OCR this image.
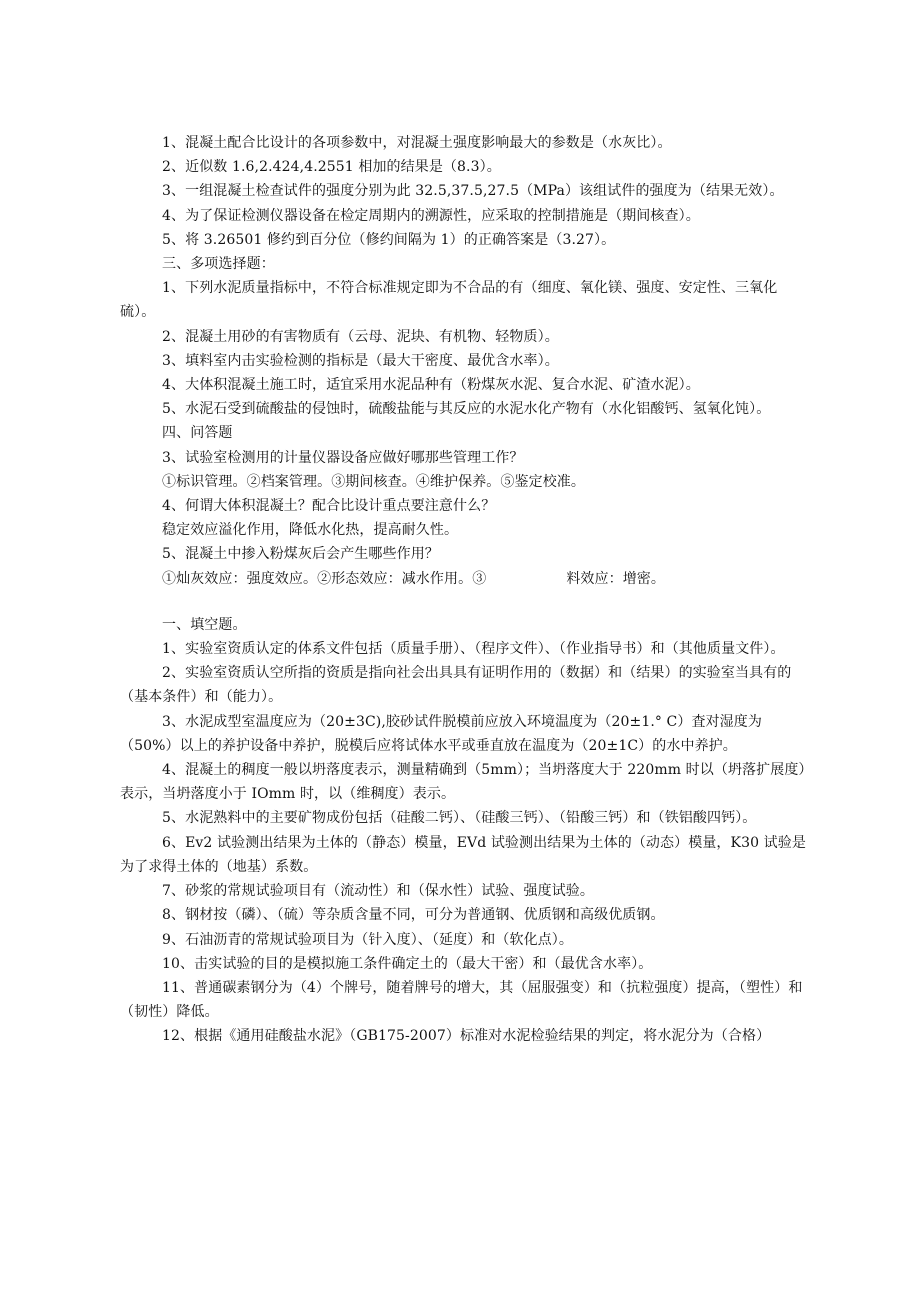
1、混凝土配合比设计的各项参数中，对混凝土强度影响最大的参数是（水灰比）。

2、近似数 1.6,2.424,4.2551 相加的结果是（8.3）。

3、一组混凝土检查试件的强度分别为此 32.5,37.5,27.5（MPa）该组试件的强度为（结果无效）。

4、为了保证检测仪器设备在检定周期内的溯源性，应采取的控制措施是（期间核查）。

5、将 3.26501 修约到百分位（修约间隔为 1）的正确答案是（3.27）。

三、多项选择题：

1、下列水泥质量指标中，不符合标准规定即为不合品的有（细度、氧化镁、强度、安定性、三氧化硫）。

2、混凝土用砂的有害物质有（云母、泥块、有机物、轻物质）。

3、填料室内击实验检测的指标是（最大干密度、最优含水率）。

4、大体积混凝土施工时，适宜采用水泥品种有（粉煤灰水泥、复合水泥、矿渣水泥）。

5、水泥石受到硫酸盐的侵蚀时，硫酸盐能与其反应的水泥水化产物有（水化铝酸钙、氢氧化饨）。

四、问答题

3、试验室检测用的计量仪器设备应做好哪那些管理工作？

①标识管理。②档案管理。③期间核查。④维护保养。⑤鉴定校准。

4、何谓大体积混凝土？配合比设计重点要注意什么？

稳定效应溢化作用，降低水化热，提高耐久性。

5、混凝土中掺入粉煤灰后会产生哪些作用？

①灿灰效应：强度效应。②形态效应：减水作用。③	料效应：增密。

一、填空题。

1、实验室资质认定的体系文件包括（质量手册）、（程序文件）、（作业指导书）和（其他质量文件）。

2、实验室资质认空所指的资质是指向社会出具具有证明作用的（数据）和（结果）的实验室当具有的（基本条件）和（能力）。

3、水泥成型室温度应为（20±3C),胶砂试件脱模前应放入环境温度为（20±1.° C）査对湿度为（50%）以上的养护设备中养护，脱模后应将试体水平或垂直放在温度为（20±1C）的水中养护。

4、混凝土的稠度一般以坍落度表示，测量精确到（5mm）；当坍落度大于 220mm 时以（坍落扩展度）表示，当坍落度小于 IOmm 时，以（维稠度）表示。

5、水泥熟料中的主要矿物成份包括（硅酸二钙）、（硅酸三钙）、（铅酸三钙）和（铁铝酸四钙）。

6、Ev2 试验测出结果为土体的（静态）模量，EVd 试验测出结果为土体的（动态）模量，K30 试验是为了求得土体的（地基）系数。

7、砂浆的常规试验项目有（流动性）和（保水性）试验、强度试验。

8、钢材按（磷）、（硫）等杂质含量不同，可分为普通钢、优质钢和高级优质钢。

9、石油沥青的常规试验项目为（针入度）、（延度）和（软化点）。

10、击实试验的目的是模拟施工条件确定土的（最大干密）和（最优含水率）。

11、普通碳素钢分为（4）个牌号，随着牌号的增大，其（屈服强变）和（抗粒强度）提高，（塑性）和（韧性）降低。

12、根据《通用硅酸盐水泥》（GB175-2007）标准对水泥检验结果的判定，将水泥分为（合格）
